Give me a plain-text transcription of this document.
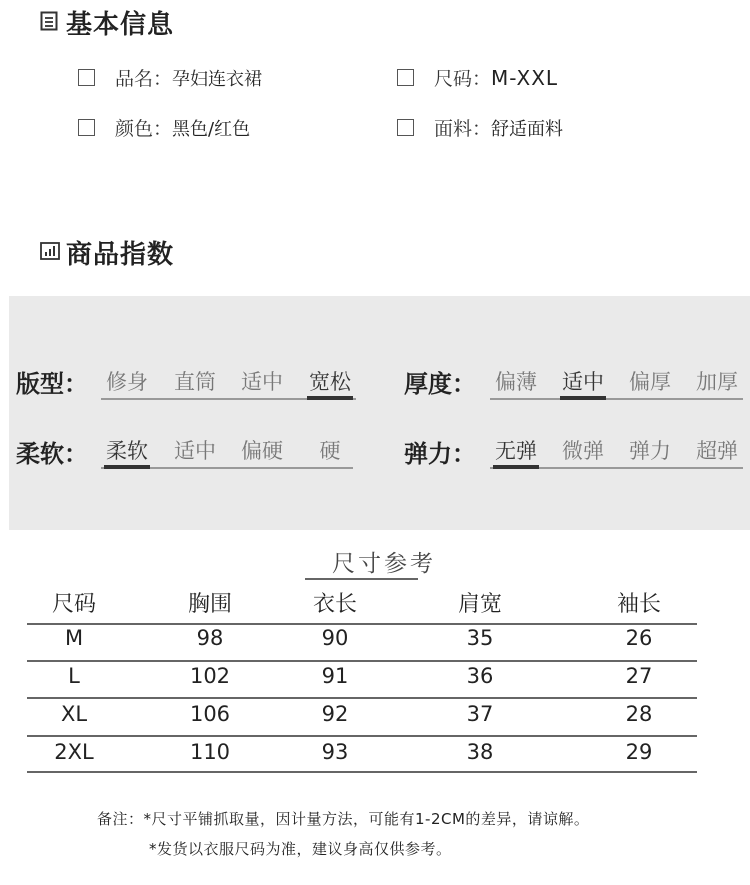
基本信息
品名： 孕妇连衣裙	尺码： M-XXL
颜色： 黑色/红色	面料： 舒适面料
商品指数
版型： 修身 直筒 适中 宽松 厚度： 偏薄 适中 偏厚 加厚
柔软： 柔软 适中 偏硬	硬	弹力： 无弹 微弹 弹力 超弹
尺寸参考
尺码	胸围	衣长	肩宽	袖长
M	98	90	35	26
L	102	91	36	27
XL	106	92	37	28
2XL	110	93	38	29
备注：*尺寸平铺抓取量，因计量方法，可能有1-2CM的差异，请谅解。
*发货以衣服尺码为准，建议身高仅供参考。
